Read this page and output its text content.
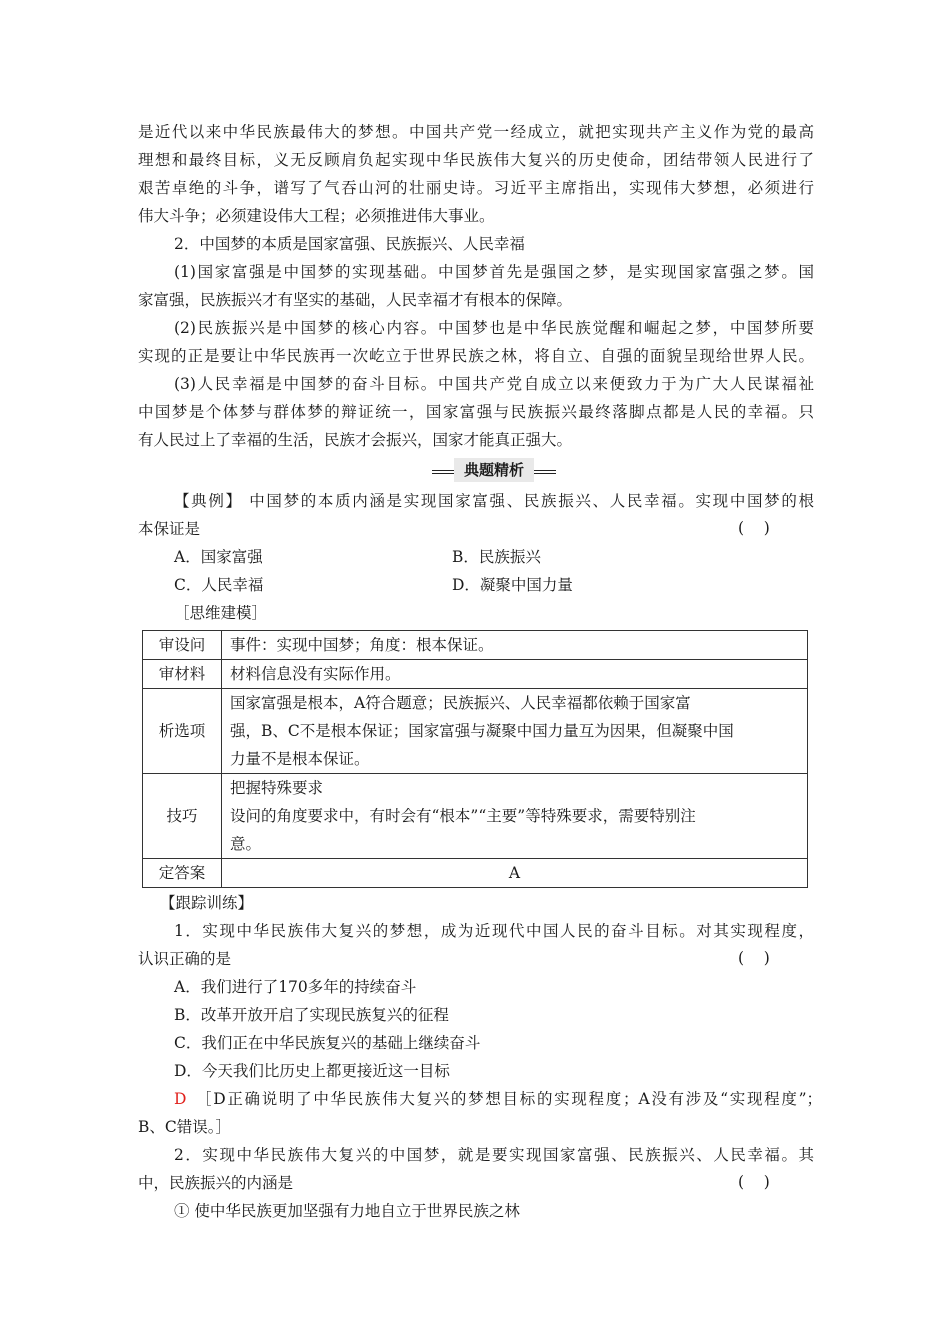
是近代以来中华民族最伟大的梦想。中国共产党一经成立，就把实现共产主义作为党的最高
理想和最终目标，义无反顾肩负起实现中华民族伟大复兴的历史使命，团结带领人民进行了
艰苦卓绝的斗争，谱写了气吞山河的壮丽史诗。习近平主席指出，实现伟大梦想，必须进行
伟大斗争；必须建设伟大工程；必须推进伟大事业。
2．中国梦的本质是国家富强、民族振兴、人民幸福
(1)国家富强是中国梦的实现基础。中国梦首先是强国之梦，是实现国家富强之梦。国
家富强，民族振兴才有坚实的基础，人民幸福才有根本的保障。
(2)民族振兴是中国梦的核心内容。中国梦也是中华民族觉醒和崛起之梦，中国梦所要
实现的正是要让中华民族再一次屹立于世界民族之林，将自立、自强的面貌呈现给世界人民。
(3)人民幸福是中国梦的奋斗目标。中国共产党自成立以来便致力于为广大人民谋福祉
中国梦是个体梦与群体梦的辩证统一，国家富强与民族振兴最终落脚点都是人民的幸福。只
有人民过上了幸福的生活，民族才会振兴，国家才能真正强大。
典题精析
【典例】 中国梦的本质内涵是实现国家富强、民族振兴、人民幸福。实现中国梦的根
本保证是	(    )
A．国家富强	B．民族振兴
C．人民幸福	D．凝聚中国力量
［思维建模］
审设问	事件：实现中国梦；角度：根本保证。
审材料	材料信息没有实际作用。
析选项	国家富强是根本，A符合题意；民族振兴、人民幸福都依赖于国家富
强，B、C不是根本保证；国家富强与凝聚中国力量互为因果，但凝聚中国
力量不是根本保证。

技巧	把握特殊要求
设问的角度要求中，有时会有“根本”“主要”等特殊要求，需要特别注
意。

定答案	A
【跟踪训练】
1．实现中华民族伟大复兴的梦想，成为近现代中国人民的奋斗目标。对其实现程度，
认识正确的是	(    )
A．我们进行了170多年的持续奋斗
B．改革开放开启了实现民族复兴的征程
C．我们正在中华民族复兴的基础上继续奋斗
D．今天我们比历史上都更接近这一目标
D ［D正确说明了中华民族伟大复兴的梦想目标的实现程度；A没有涉及“实现程度”；
B、C错误。］
2．实现中华民族伟大复兴的中国梦，就是要实现国家富强、民族振兴、人民幸福。其
中，民族振兴的内涵是	(    )
① 使中华民族更加坚强有力地自立于世界民族之林
